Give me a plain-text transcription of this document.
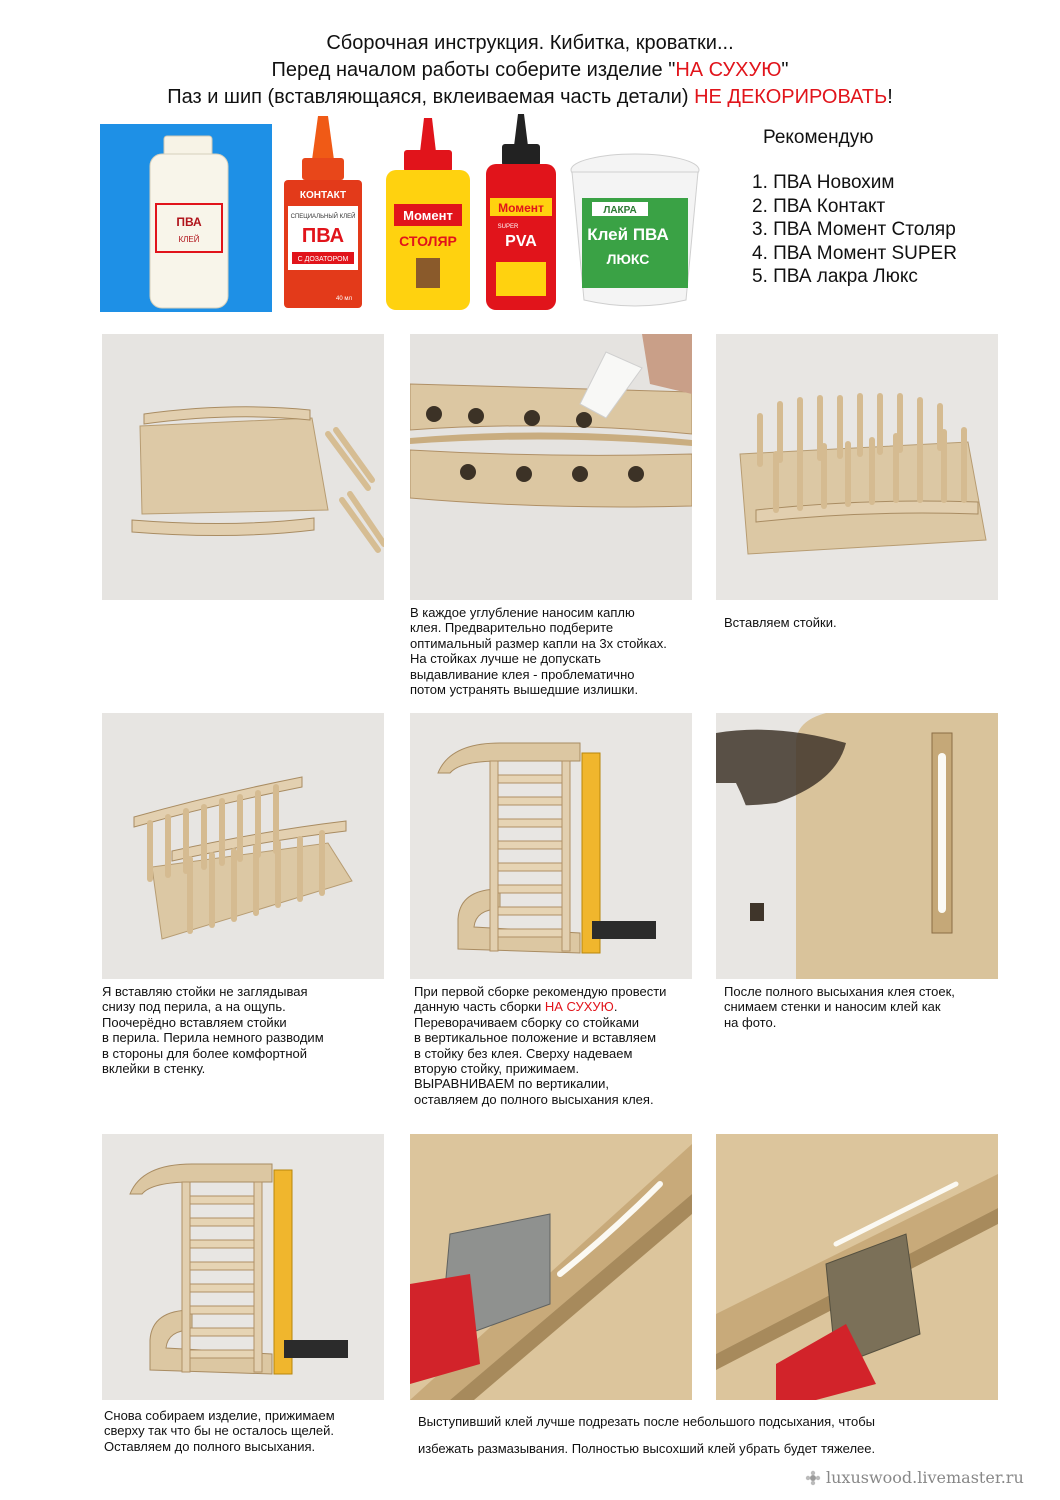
Сборочная инструкция. Кибитка, кроватки...
Перед началом работы соберите изделие "НА СУХУЮ"
Паз и шип (вставляющаяся, вклеиваемая часть детали) НЕ ДЕКОРИРОВАТЬ!
ПВА
КЛЕЙ
КОНТАКТ
СПЕЦИАЛЬНЫЙ КЛЕЙ
ПВА
С ДОЗАТОРОМ
40 мл
Момент
СТОЛЯР
Момент
SUPER
PVA
ЛАКРА
Клей ПВА
ЛЮКС
Рекомендую
1. ПВА Новохим
2. ПВА Контакт
3. ПВА Момент Столяр
4. ПВА Момент SUPER
5. ПВА лакра Люкс
В каждое углубление наносим каплю
клея. Предварительно подберите
оптимальный размер капли на 3х стойках.
На стойках лучше не допускать
выдавливание клея - проблематично
потом устранять вышедшие излишки.
Вставляем стойки.
Я вставляю стойки не заглядывая
снизу под перила, а на ощупь.
Поочерёдно вставляем стойки
в перила. Перила немного разводим
в стороны для более комфортной
вклейки в стенку.
При первой сборке рекомендую провести
данную часть сборки НА СУХУЮ.
Переворачиваем сборку со стойками
в вертикальное положение и вставляем
в стойку без клея. Сверху надеваем
вторую стойку, прижимаем.
ВЫРАВНИВАЕМ по вертикалии,
оставляем до полного высыхания клея.
После полного высыхания клея стоек,
снимаем стенки и наносим клей как
на фото.
Снова собираем изделие, прижимаем
сверху так что бы не осталось щелей.
Оставляем до полного высыхания.
Выступивший клей лучше подрезать после небольшого подсыхания, чтобы
избежать размазывания. Полностью высохший клей убрать будет тяжелее.
luxuswood.livemaster.ru
